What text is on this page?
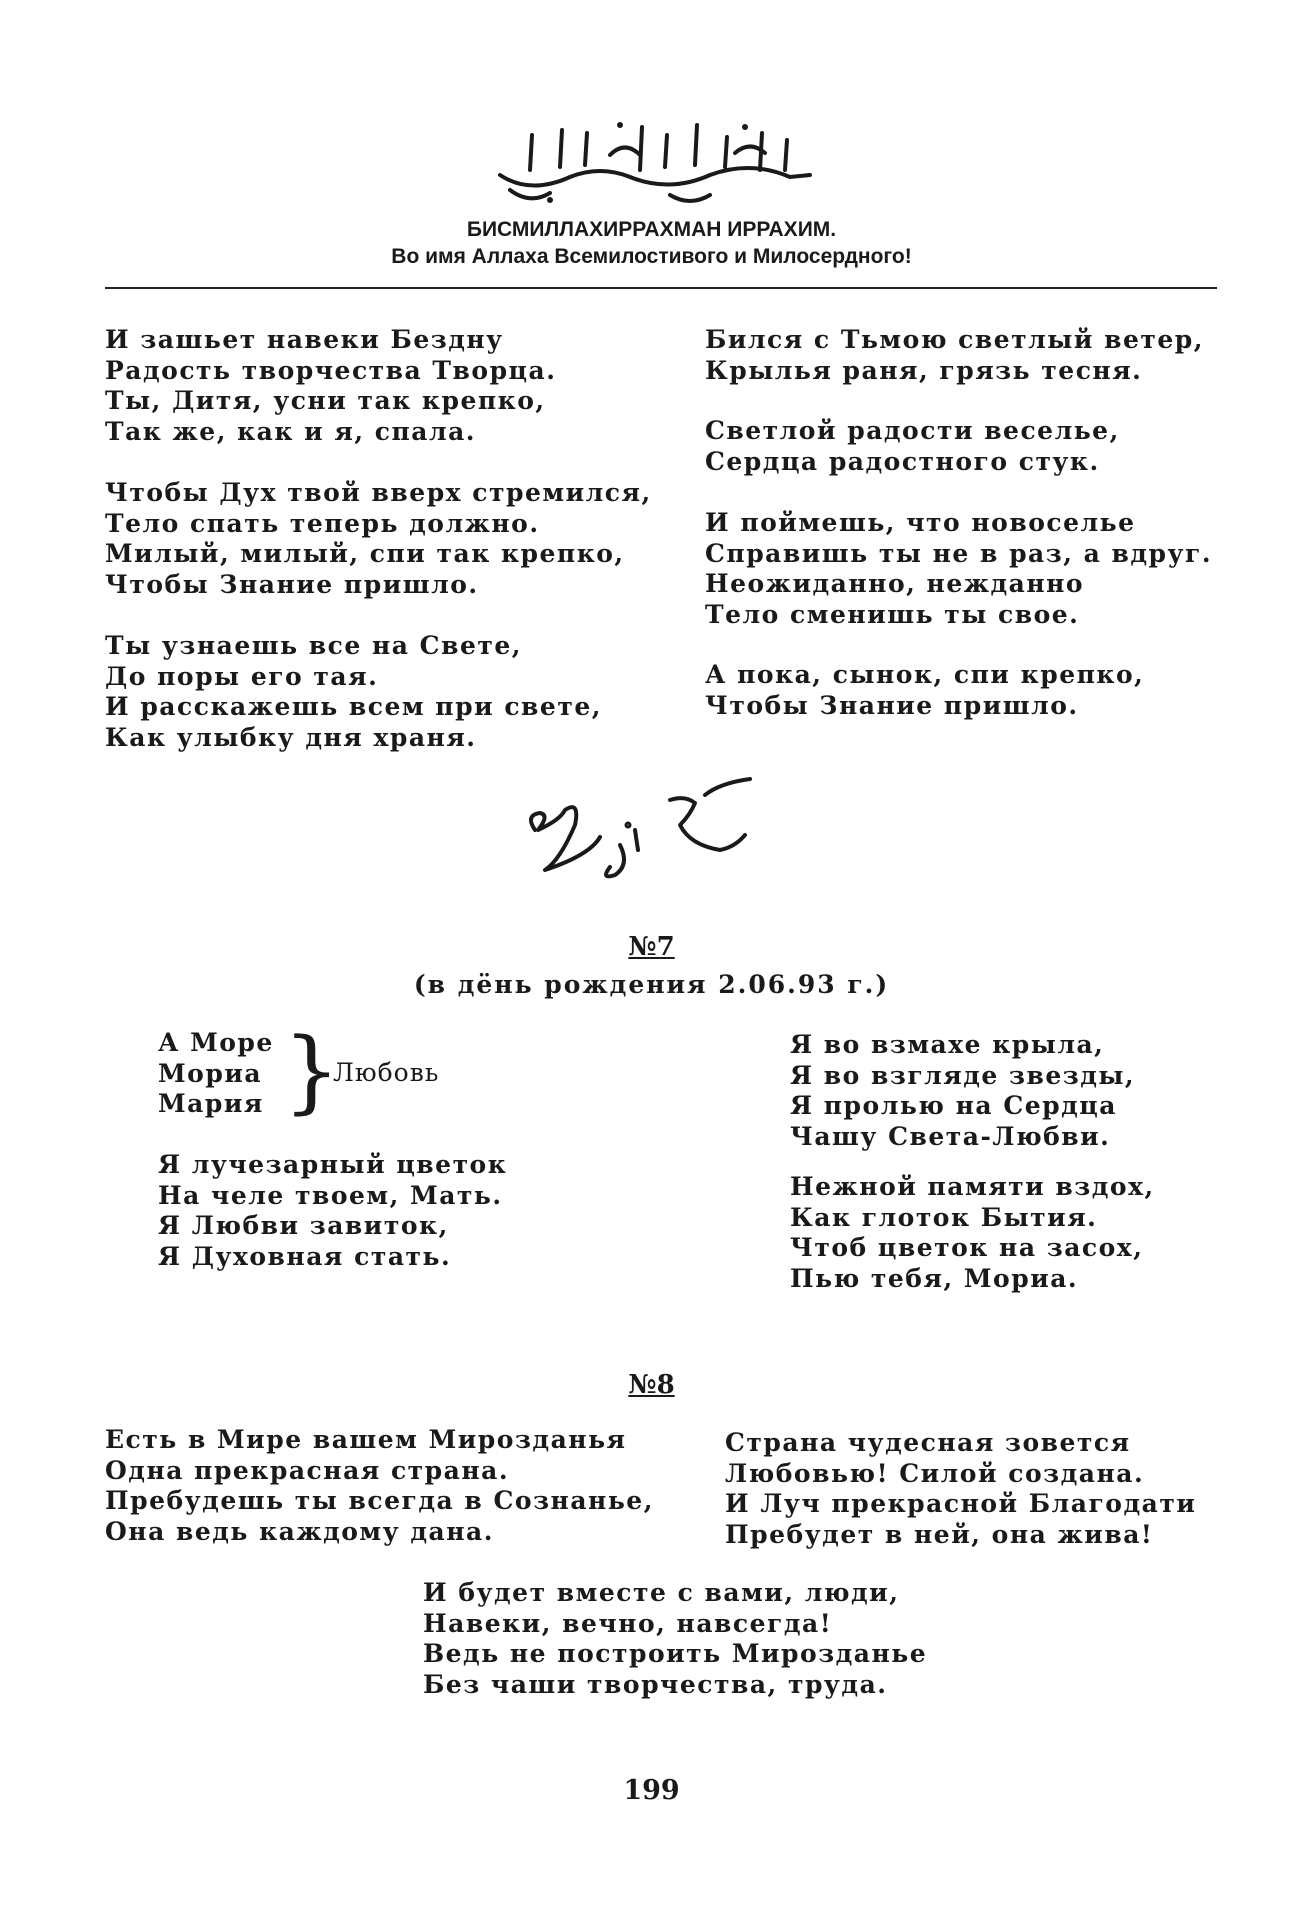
БИСМИЛЛАХИРРАХМАН ИРРАХИМ.
Во имя Аллаха Всемилостивого и Милосердного!
И зашьет навеки Бездну
Радость творчества Творца.
Ты, Дитя, усни так крепко,
Так же, как и я, спала.
Чтобы Дух твой вверх стремился,
Тело спать теперь должно.
Милый, милый, спи так крепко,
Чтобы Знание пришло.
Ты узнаешь все на Свете,
До поры его тая.
И расскажешь всем при свете,
Как улыбку дня храня.
Бился с Тьмою светлый ветер,
Крылья раня, грязь тесня.
Светлой радости веселье,
Сердца радостного стук.
И поймешь, что новоселье
Справишь ты не в раз, а вдруг.
Неожиданно, нежданно
Тело сменишь ты свое.
А пока, сынок, спи крепко,
Чтобы Знание пришло.
№7
(в дёнь рождения 2.06.93 г.)
А Море
Мориа
Мария }
Любовь
Я лучезарный цветок
На челе твоем, Мать.
Я Любви завиток,
Я Духовная стать.
Я во взмахе крыла,
Я во взгляде звезды,
Я пролью на Сердца
Чашу Света-Любви.
Нежной памяти вздох,
Как глоток Бытия.
Чтоб цветок на засох,
Пью тебя, Мориа.
№8
Есть в Мире вашем Мирозданья
Одна прекрасная страна.
Пребудешь ты всегда в Сознанье,
Она ведь каждому дана.
Страна чудесная зовется
Любовью! Силой создана.
И Луч прекрасной Благодати
Пребудет в ней, она жива!
И будет вместе с вами, люди,
Навеки, вечно, навсегда!
Ведь не построить Мирозданье
Без чаши творчества, труда.
199
